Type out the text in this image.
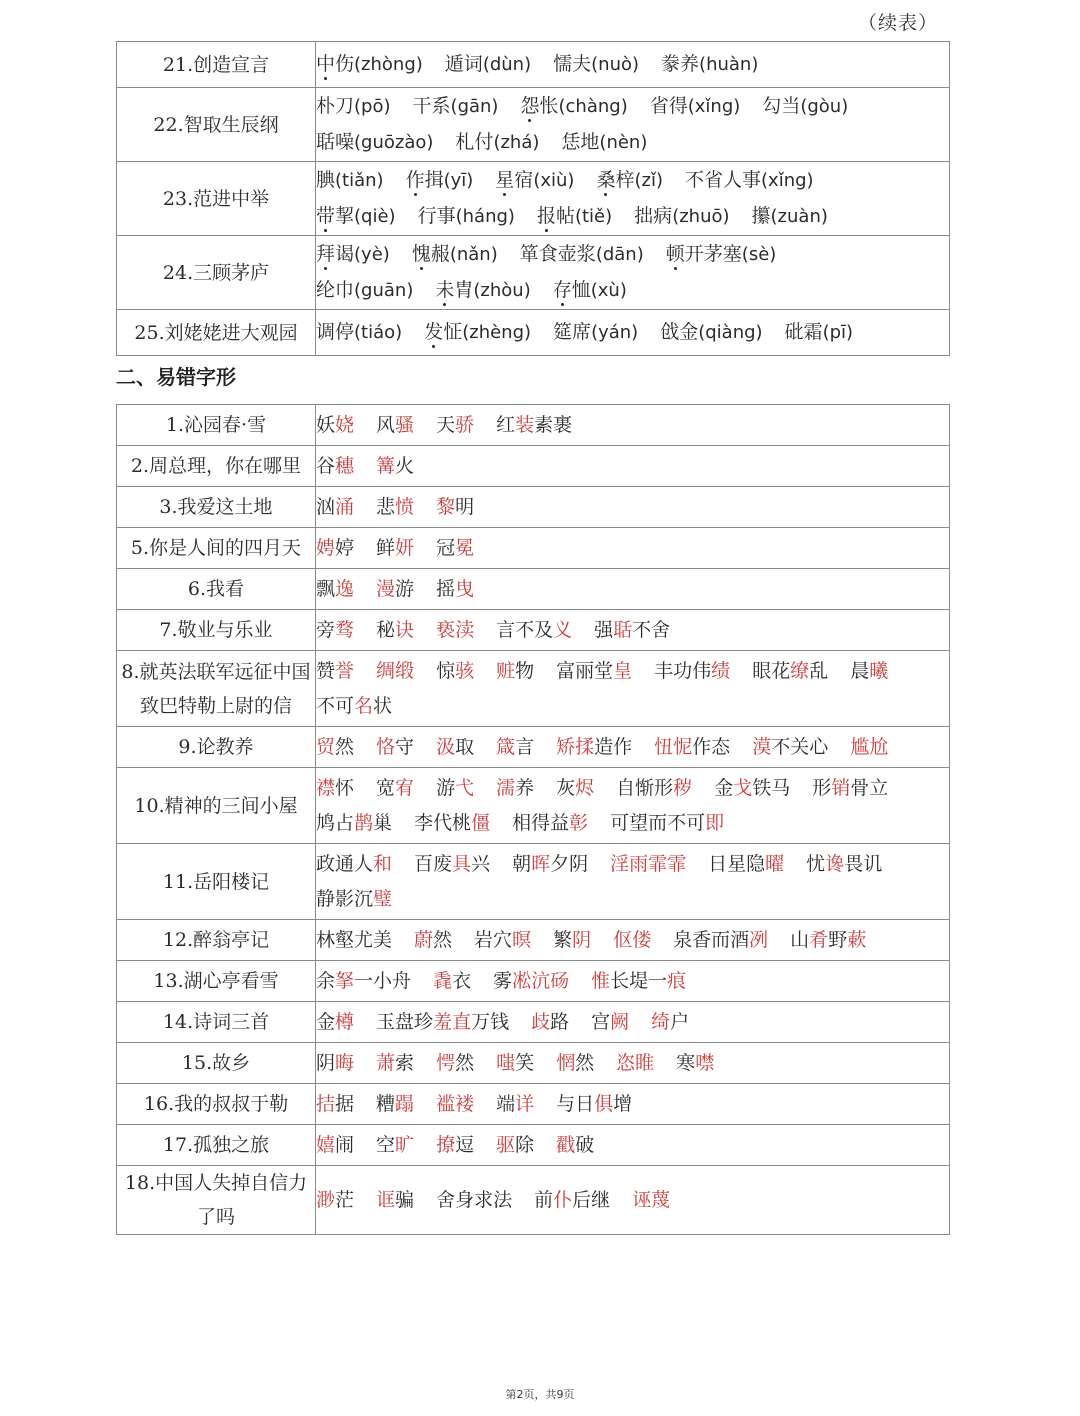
（续表）
21.创造宣言	中伤(zhòng) 遁词(dùn) 懦夫(nuò) 豢养(huàn)

22.智取生辰纲	朴刀(pō) 干系(gān) 怨怅(chàng) 省得(xǐng) 勾当(gòu)
聒噪(guōzào) 札付(zhá) 恁地(nèn)

23.范进中举	腆(tiǎn) 作揖(yī) 星宿(xiù) 桑梓(zǐ) 不省人事(xǐng)
带挈(qiè) 行事(háng) 报帖(tiě) 拙病(zhuō) 攥(zuàn)

24.三顾茅庐	拜谒(yè) 愧赧(nǎn) 箪食壶浆(dān) 顿开茅塞(sè)
纶巾(guān) 未胄(zhòu) 存恤(xù)

25.刘姥姥进大观园	调停(tiáo) 发怔(zhèng) 筵席(yán) 戗金(qiàng) 砒霜(pī)
二、易错字形
1.沁园春·雪	妖娆 风骚 天骄 红装素裹

2.周总理，你在哪里	谷穗 篝火

3.我爱这土地	汹涌 悲愤 黎明

5.你是人间的四月天	娉婷 鲜妍 冠冕

6.我看	飘逸 漫游 摇曳

7.敬业与乐业	旁骛 秘诀 亵渎 言不及义 强聒不舍

8.就英法联军远征中国致巴特勒上尉的信	赞誉 绸缎 惊骇 赃物 富丽堂皇 丰功伟绩 眼花缭乱 晨曦
不可名状

9.论教养	贸然 恪守 汲取 箴言 矫揉造作 忸怩作态 漠不关心 尴尬

10.精神的三间小屋	襟怀 宽宥 游弋 濡养 灰烬 自惭形秽 金戈铁马 形销骨立
鸠占鹊巢 李代桃僵 相得益彰 可望而不可即

11.岳阳楼记	政通人和 百废具兴 朝晖夕阴 淫雨霏霏 日星隐曜 忧谗畏讥
静影沉璧

12.醉翁亭记	林壑尤美 蔚然 岩穴暝 繁阴 伛偻 泉香而酒冽 山肴野蔌

13.湖心亭看雪	余拏一小舟 毳衣 雾凇沆砀 惟长堤一痕

14.诗词三首	金樽 玉盘珍羞直万钱 歧路 宫阙 绮户

15.故乡	阴晦 萧索 愕然 嗤笑 惘然 恣睢 寒噤

16.我的叔叔于勒	拮据 糟蹋 褴褛 端详 与日俱增

17.孤独之旅	嬉闹 空旷 撩逗 驱除 戳破

18.中国人失掉自信力了吗	渺茫 诓骗 舍身求法 前仆后继 诬蔑
第2页，共9页
